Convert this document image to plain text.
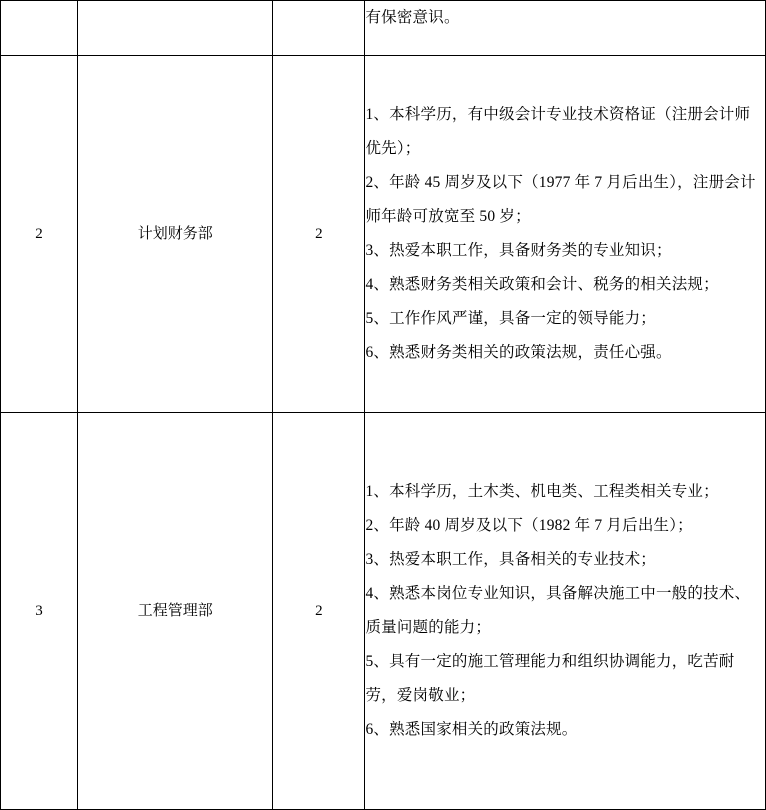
			有保密意识。

2	计划财务部	2	
1、本科学历，有中级会计专业技术资格证（注册会计师优先）；
2、年龄 45 周岁及以下（1977 年 7 月后出生），注册会计师年龄可放宽至 50 岁；
3、热爱本职工作，具备财务类的专业知识；
4、熟悉财务类相关政策和会计、税务的相关法规；
5、工作作风严谨，具备一定的领导能力；
6、熟悉财务类相关的政策法规，责任心强。

3	工程管理部	2	
1、本科学历，土木类、机电类、工程类相关专业；
2、年龄 40 周岁及以下（1982 年 7 月后出生）；
3、热爱本职工作，具备相关的专业技术；
4、熟悉本岗位专业知识，具备解决施工中一般的技术、质量问题的能力；
5、具有一定的施工管理能力和组织协调能力，吃苦耐劳，爱岗敬业；
6、熟悉国家相关的政策法规。
